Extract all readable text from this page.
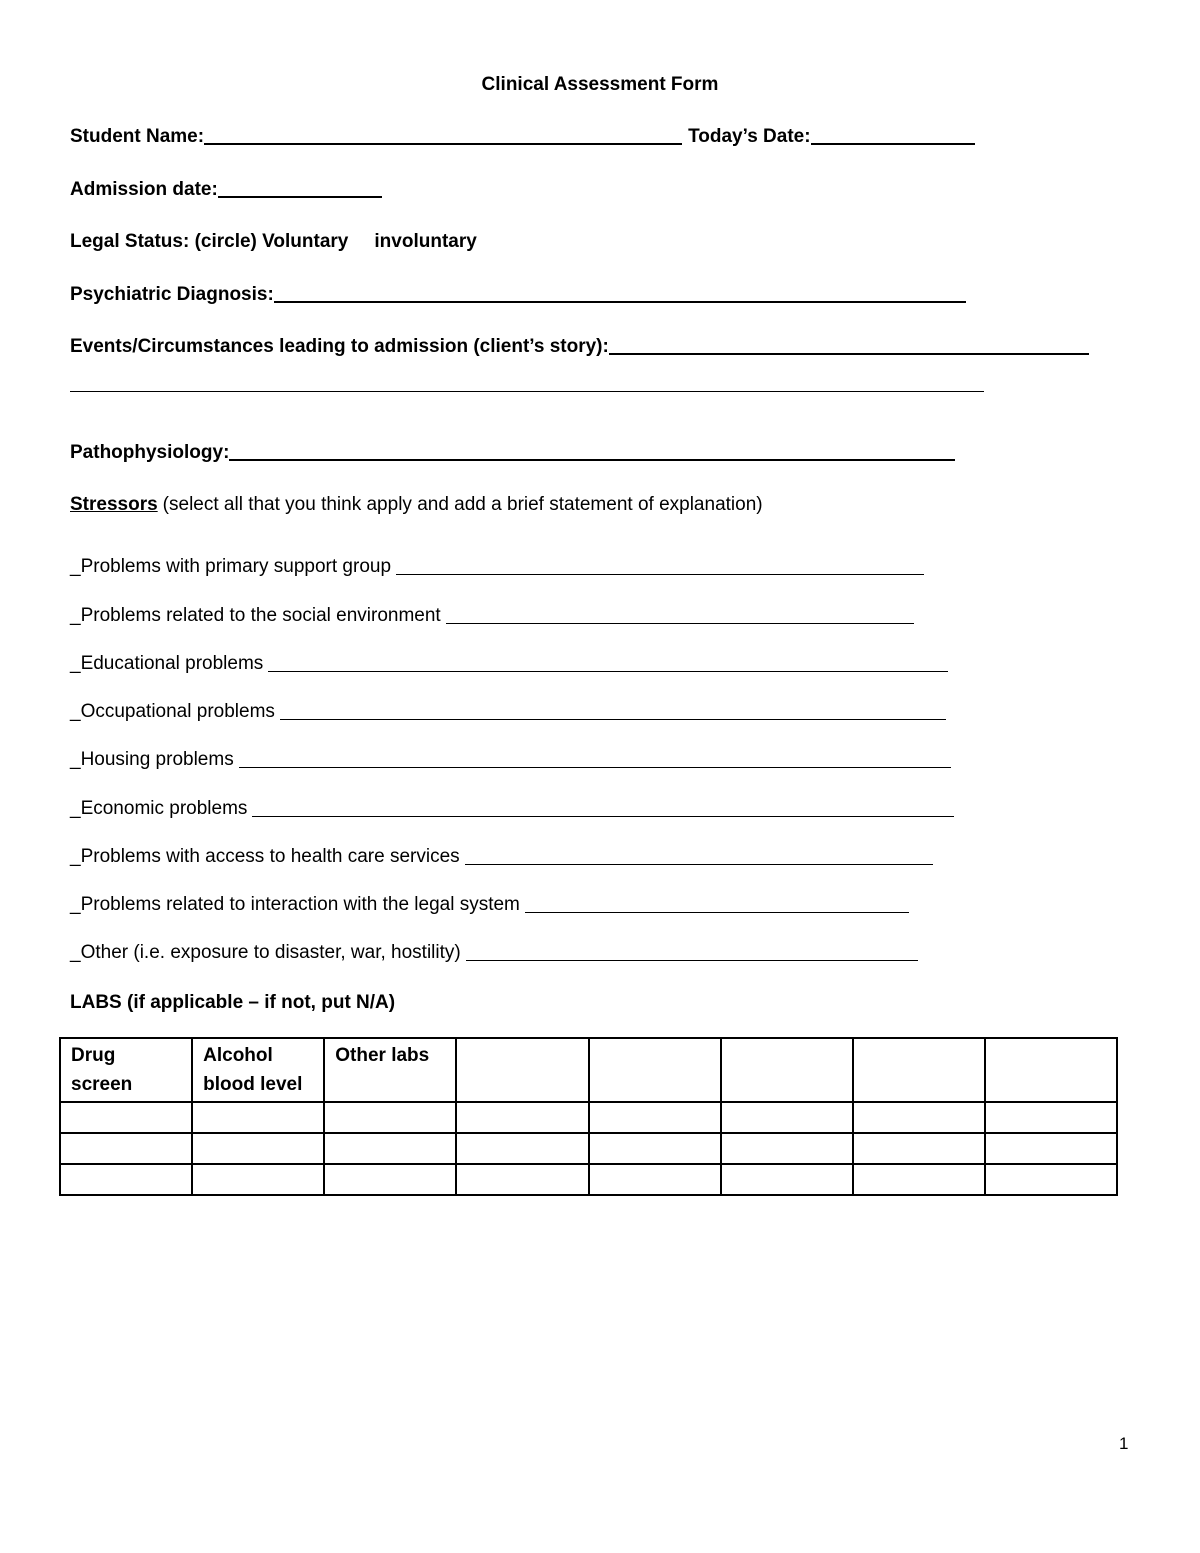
Clinical Assessment Form
Student Name:	Today’s Date:
Admission date:
Legal Status: (circle) Voluntary involuntary
Psychiatric Diagnosis:
Events/Circumstances leading to admission (client’s story):
Pathophysiology:
Stressors (select all that you think apply and add a brief statement of explanation)
_Problems with primary support group
_Problems related to the social environment
_Educational problems
_Occupational problems
_Housing problems
_Economic problems
_Problems with access to health care services
_Problems related to interaction with the legal system
_Other (i.e. exposure to disaster, war, hostility)
LABS (if applicable – if not, put N/A)
Drug screen	Alcohol blood level	Other labs					

1
